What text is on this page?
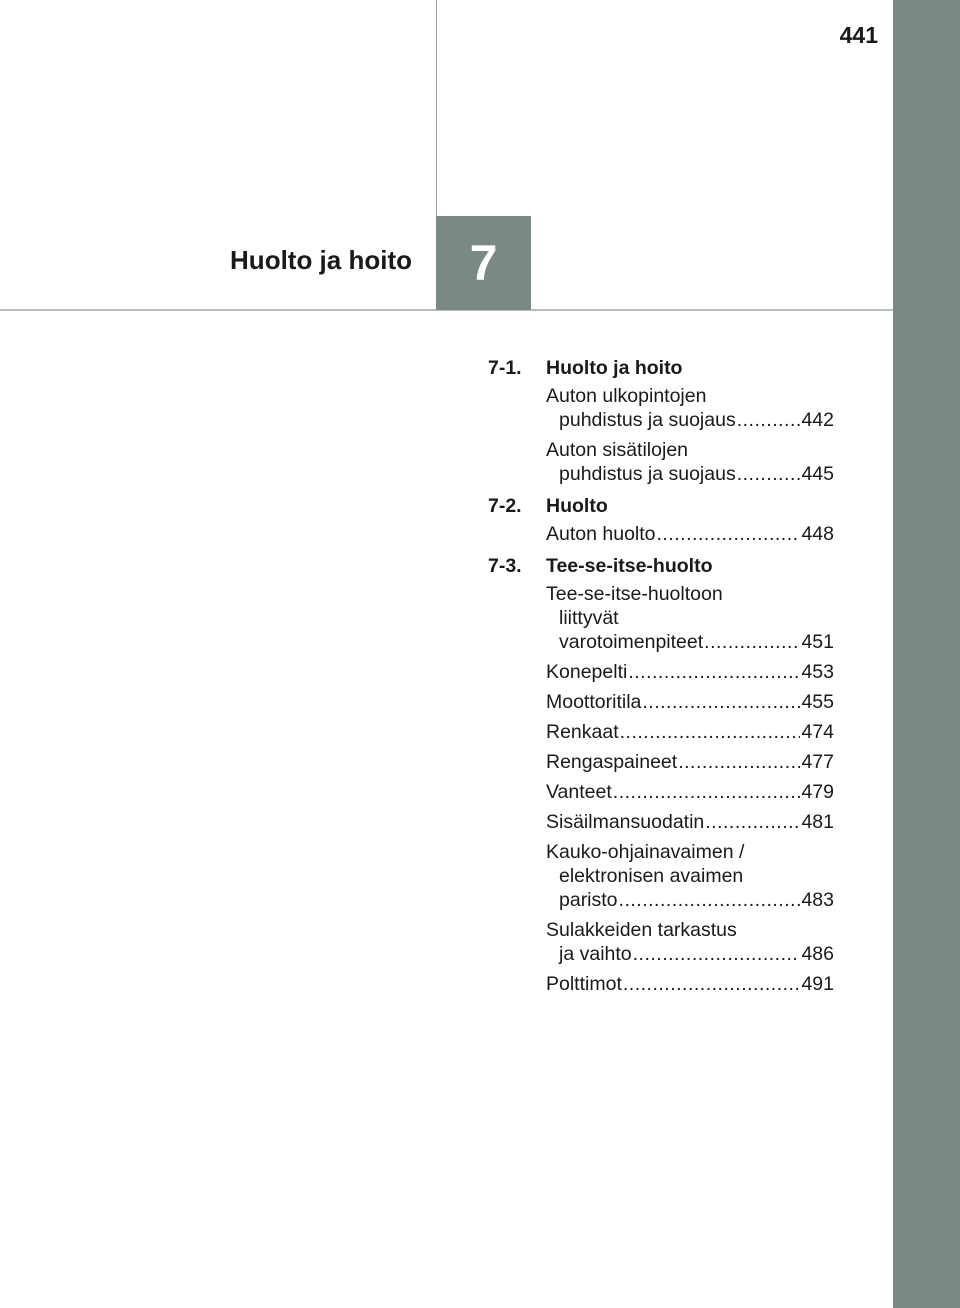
441
Huolto ja hoito 7
7-1.	Huolto ja hoito
Auton ulkopintojen
puhdistus ja suojaus .....	442
Auton sisätilojen
puhdistus ja suojaus .....	445
7-2.	Huolto
Auton huolto .....	448
7-3.	Tee-se-itse-huolto
Tee-se-itse-huoltoon
liittyvät
varotoimenpiteet .....	451
Konepelti .....	453
Moottoritila .....	455
Renkaat .....	474
Rengaspaineet .....	477
Vanteet .....	479
Sisäilmansuodatin .....	481
Kauko-ohjainavaimen /
elektronisen avaimen
paristo .....	483
Sulakkeiden tarkastus
ja vaihto .....	486
Polttimot .....	491
